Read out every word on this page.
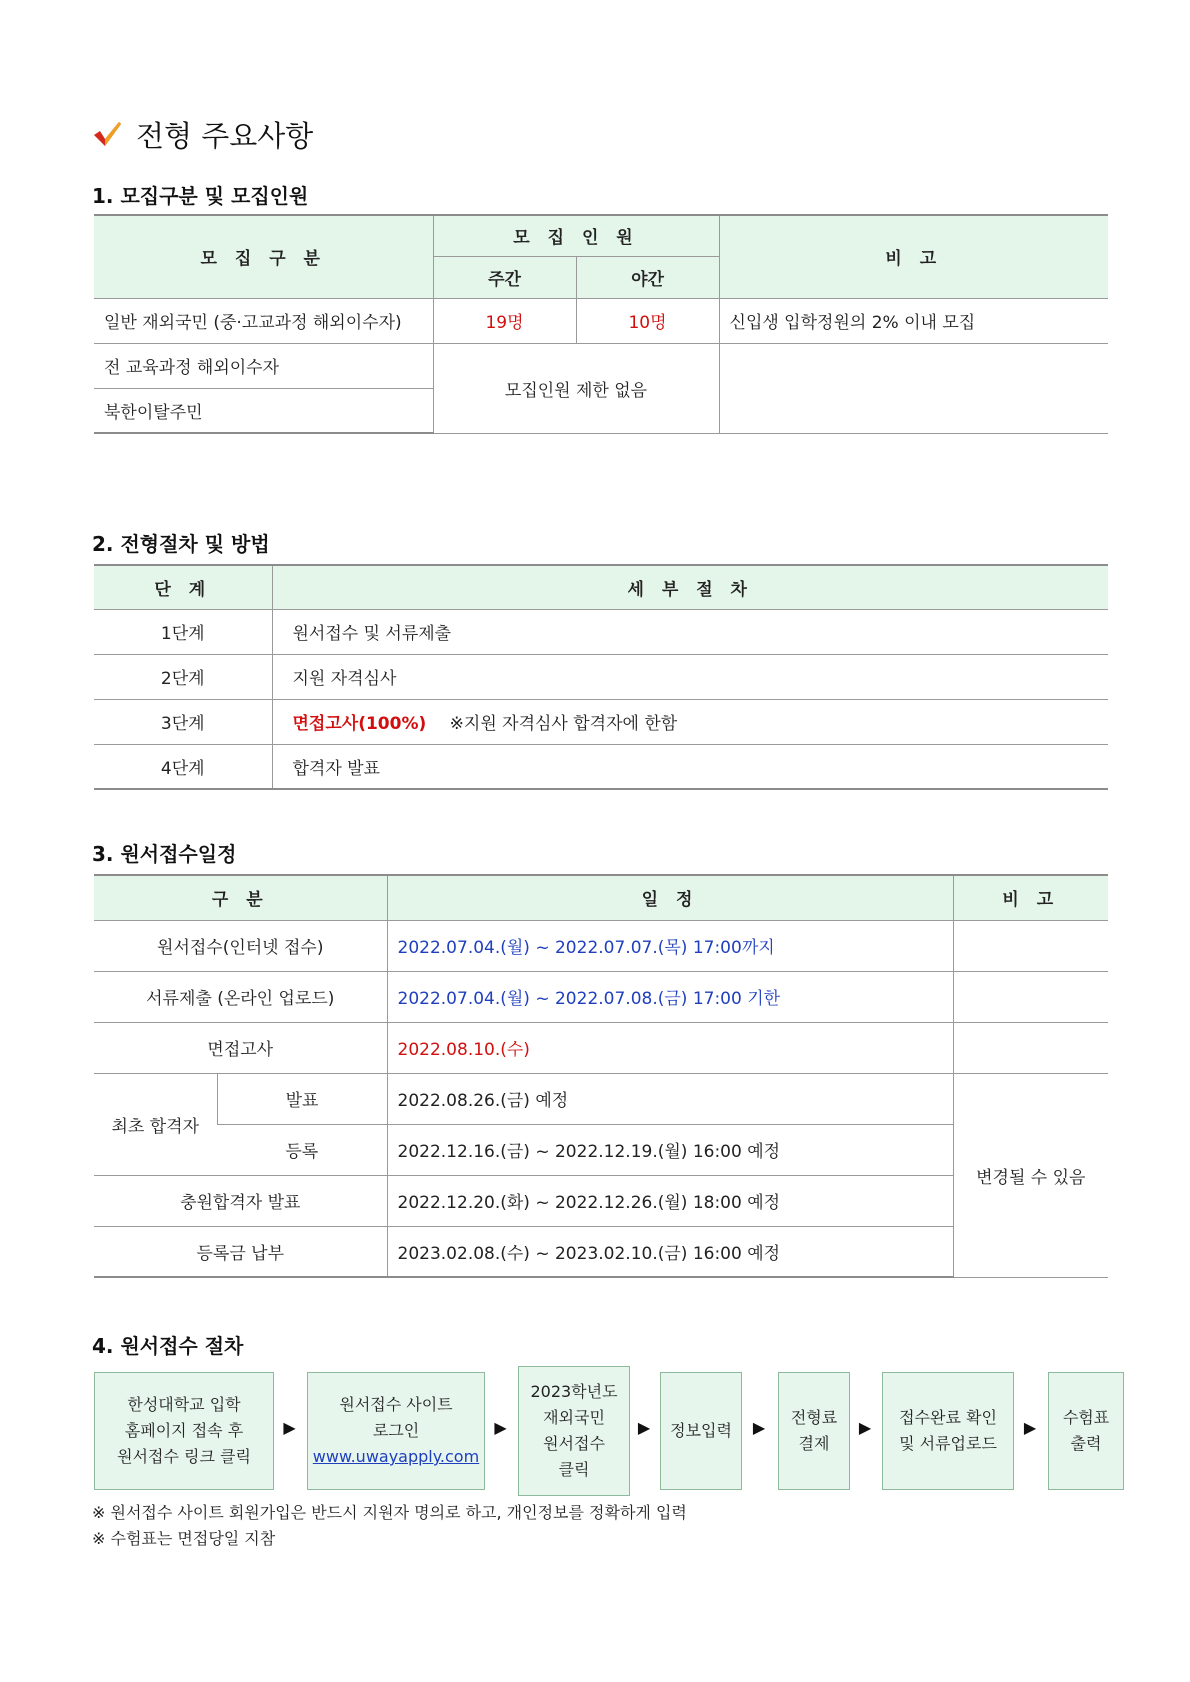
전형 주요사항
1. 모집구분 및 모집인원
모 집 구 분	모 집 인 원		비 고
	주간	야간	
일반 재외국민 (중·고교과정 해외이수자)	19명	10명	신입생 입학정원의 2% 이내 모집
전 교육과정 해외이수자	모집인원 제한 없음		
북한이탈주민			
2. 전형절차 및 방법
단 계	세 부 절 차
1단계	원서접수 및 서류제출
2단계	지원 자격심사
3단계	면접고사(100%) ※지원 자격심사 합격자에 한함
4단계	합격자 발표
3. 원서접수일정
구 분		일 정	비 고
원서접수(인터넷 접수)		2022.07.04.(월) ~ 2022.07.07.(목) 17:00까지	
서류제출 (온라인 업로드)		2022.07.04.(월) ~ 2022.07.08.(금) 17:00 기한	
면접고사		2022.08.10.(수)	
최초 합격자	발표	2022.08.26.(금) 예정	변경될 수 있음
	등록	2022.12.16.(금) ~ 2022.12.19.(월) 16:00 예정	
충원합격자 발표		2022.12.20.(화) ~ 2022.12.26.(월) 18:00 예정	
등록금 납부		2023.02.08.(수) ~ 2023.02.10.(금) 16:00 예정	
4. 원서접수 절차
한성대학교 입학
홈페이지 접속 후
원서접수 링크 클릭
▶
원서접수 사이트
로그인
www.uwayapply.com
▶
2023학년도
재외국민
원서접수
클릭
▶	정보입력	▶
전형료
결제
▶
접수완료 확인
및 서류업로드
▶
수험표
출력
※ 원서접수 사이트 회원가입은 반드시 지원자 명의로 하고, 개인정보를 정확하게 입력
※ 수험표는 면접당일 지참
